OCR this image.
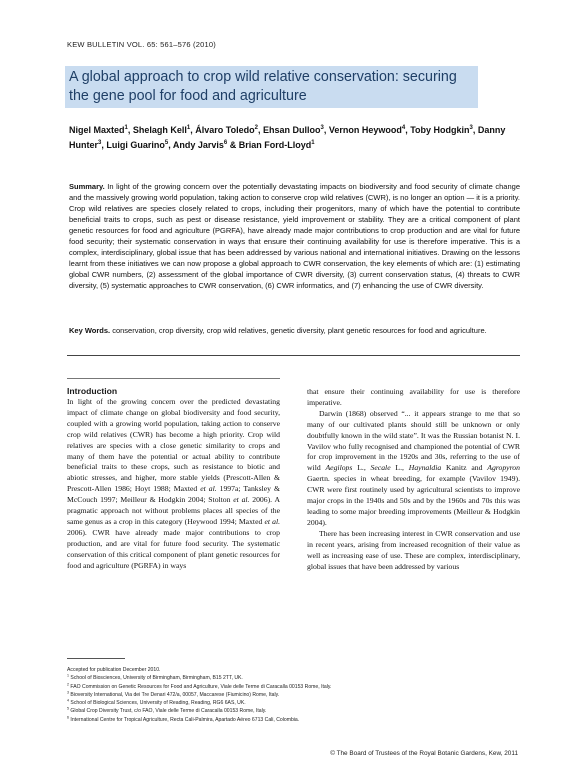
KEW BULLETIN VOL. 65: 561–576 (2010)
A global approach to crop wild relative conservation: securing the gene pool for food and agriculture
Nigel Maxted$^1$, Shelagh Kell$^1$, Álvaro Toledo$^2$, Ehsan Dulloo$^3$, Vernon Heywood$^4$, Toby Hodgkin$^3$, Danny Hunter$^3$, Luigi Guarino$^5$, Andy Jarvis$^6$ & Brian Ford-Lloyd$^1$
Summary. In light of the growing concern over the potentially devastating impacts on biodiversity and food security of climate change and the massively growing world population, taking action to conserve crop wild relatives (CWR), is no longer an option — it is a priority. Crop wild relatives are species closely related to crops, including their progenitors, many of which have the potential to contribute beneficial traits to crops, such as pest or disease resistance, yield improvement or stability. They are a critical component of plant genetic resources for food and agriculture (PGRFA), have already made major contributions to crop production and are vital for future food security; their systematic conservation in ways that ensure their continuing availability for use is therefore imperative. This is a complex, interdisciplinary, global issue that has been addressed by various national and international initiatives. Drawing on the lessons learnt from these initiatives we can now propose a global approach to CWR conservation, the key elements of which are: (1) estimating global CWR numbers, (2) assessment of the global importance of CWR diversity, (3) current conservation status, (4) threats to CWR diversity, (5) systematic approaches to CWR conservation, (6) CWR informatics, and (7) enhancing the use of CWR diversity.
Key Words. conservation, crop diversity, crop wild relatives, genetic diversity, plant genetic resources for food and agriculture.
Introduction

In light of the growing concern over the predicted devastating impact of climate change on global biodiversity and food security, coupled with a growing world population, taking action to conserve crop wild relatives (CWR) has become a high priority. Crop wild relatives are species with a close genetic similarity to crops and many of them have the potential or actual ability to contribute beneficial traits to these crops, such as resistance to biotic and abiotic stresses, and higher, more stable yields (Prescott-Allen & Prescott-Allen 1986; Hoyt 1988; Maxted et al. 1997a; Tanksley & McCouch 1997; Meilleur & Hodgkin 2004; Stolton et al. 2006). A pragmatic approach not without problems places all species of the same genus as a crop in this category (Heywood 1994; Maxted et al. 2006). CWR have already made major contributions to crop production, and are vital for future food security. The systematic conservation of this critical component of plant genetic resources for food and agriculture (PGRFA) in ways

that ensure their continuing availability for use is therefore imperative.

Darwin (1868) observed “... it appears strange to me that so many of our cultivated plants should still be unknown or only doubtfully known in the wild state”. It was the Russian botanist N. I. Vavilov who fully recognised and championed the potential of CWR for crop improvement in the 1920s and 30s, referring to the use of wild Aegilops L., Secale L., Haynaldia Kanitz and Agropyron Gaertn. species in wheat breeding, for example (Vavilov 1949). CWR were first routinely used by agricultural scientists to improve major crops in the 1940s and 50s and by the 1960s and 70s this was leading to some major breeding improvements (Meilleur & Hodgkin 2004).

There has been increasing interest in CWR conservation and use in recent years, arising from increased recognition of their value as well as increasing ease of use. These are complex, interdisciplinary, global issues that have been addressed by various

Accepted for publication December 2010.
$^1$ School of Biosciences, University of Birmingham, Birmingham, B15 2TT, UK.
$^2$ FAO Commission on Genetic Resources for Food and Agriculture, Viale delle Terme di Caracalla 00153 Rome, Italy.
$^3$ Bioversity International, Via dei Tre Denari 472/a, 00057, Maccarese (Fiumicino) Rome, Italy.
$^4$ School of Biological Sciences, University of Reading, Reading, RG6 6AS, UK.
$^5$ Global Crop Diversity Trust, c/o FAO, Viale delle Terme di Caracalla 00153 Rome, Italy.
$^6$ International Centre for Tropical Agriculture, Recta Cali-Palmira, Apartado Aéreo 6713 Cali, Colombia.
© The Board of Trustees of the Royal Botanic Gardens, Kew, 2011
